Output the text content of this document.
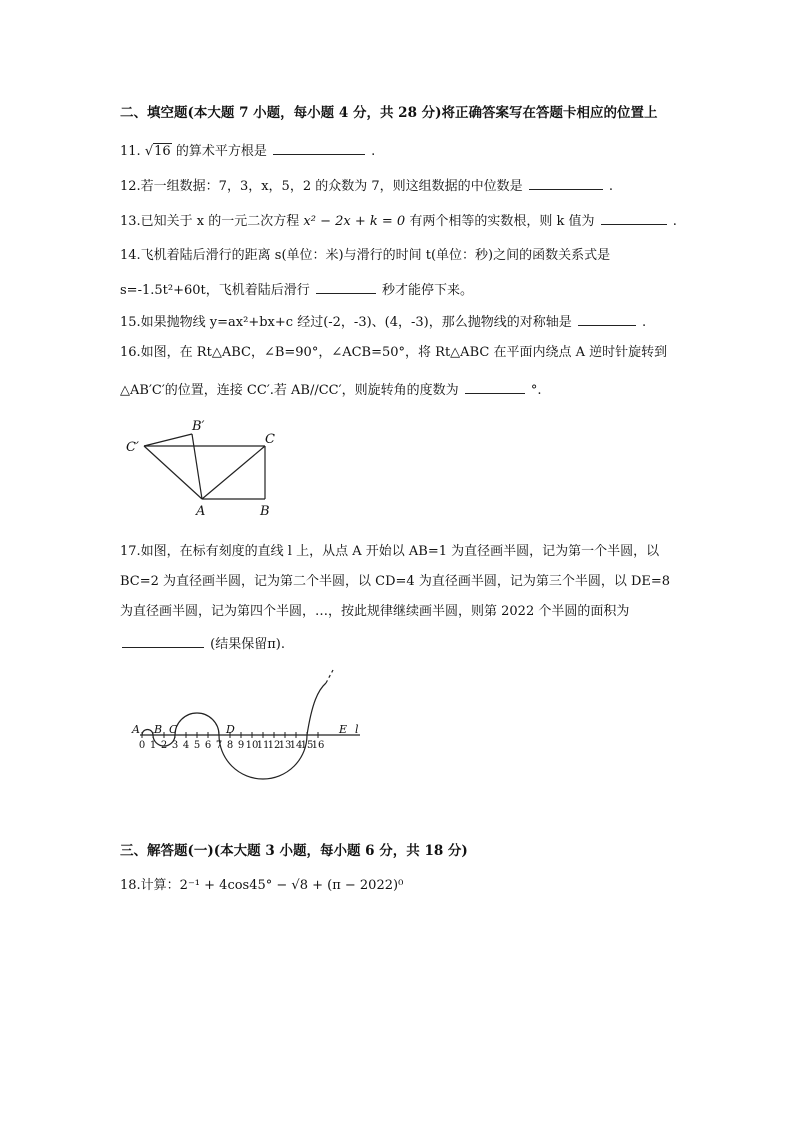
二、填空题(本大题 7 小题，每小题 4 分，共 28 分)将正确答案写在答题卡相应的位置上
11. √16 的算术平方根是	.
12.若一组数据：7，3，x，5，2 的众数为 7，则这组数据的中位数是	.
13.已知关于 x 的一元二次方程 x² − 2x + k = 0 有两个相等的实数根，则 k 值为	.
14.飞机着陆后滑行的距离 s(单位：米)与滑行的时间 t(单位：秒)之间的函数关系式是
s=-1.5t²+60t，飞机着陆后滑行	秒才能停下来。
15.如果抛物线 y=ax²+bx+c 经过(-2，-3)、(4，-3)，那么抛物线的对称轴是	.
16.如图，在 Rt△ABC，∠B=90°，∠ACB=50°，将 Rt△ABC 在平面内绕点 A 逆时针旋转到
△AB′C′的位置，连接 CC′.若 AB//CC′，则旋转角的度数为	°.
C′
B′
C
A	B
17.如图，在标有刻度的直线 l 上，从点 A 开始以 AB=1 为直径画半圆，记为第一个半圆，以
BC=2 为直径画半圆，记为第二个半圆，以 CD=4 为直径画半圆，记为第三个半圆，以 DE=8
为直径画半圆，记为第四个半圆，…，按此规律继续画半圆，则第 2022 个半圆的面积为
(结果保留π).
0 1 2 3 4 5 6 7 8 9 10
11
12
13
14
15
16
A B C	D	E l
三、解答题(一)(本大题 3 小题，每小题 6 分，共 18 分)
18.计算：2⁻¹ + 4cos45° − √8 + (π − 2022)⁰
